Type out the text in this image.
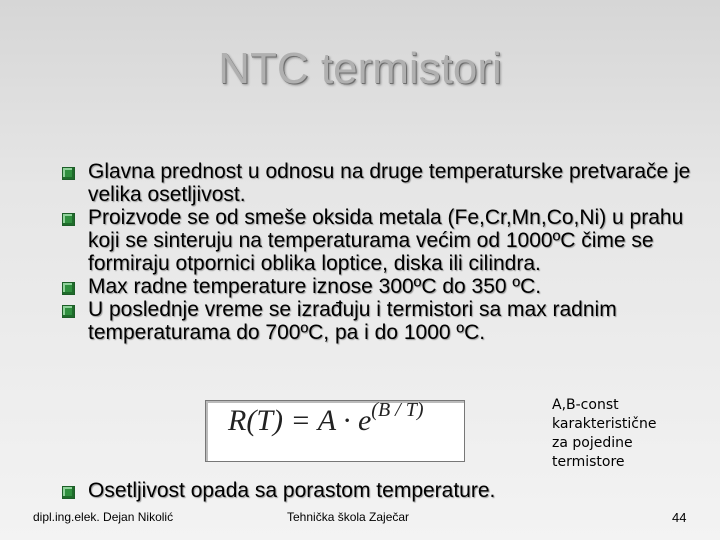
NTC termistori
Glavna prednost u odnosu na druge temperaturske pretvarače je velika osetljivost.
Proizvode se od smeše oksida metala (Fe,Cr,Mn,Co,Ni) u prahu koji se sinteruju na temperaturama većim od 1000ºC čime se formiraju otpornici oblika loptice, diska ili cilindra.
Max radne temperature iznose 300ºC do 350 ºC.
U poslednje vreme se izrađuju i termistori sa max radnim temperaturama do 700ºC, pa i do 1000 ºC.
$R(T) = A \cdot e^{(B / T)}$	A,B-const
karakteristične
za pojedine
termistore
Osetljivost opada sa porastom temperature.
dipl.ing.elek. Dejan Nikolić	Tehnička škola Zaječar	44
